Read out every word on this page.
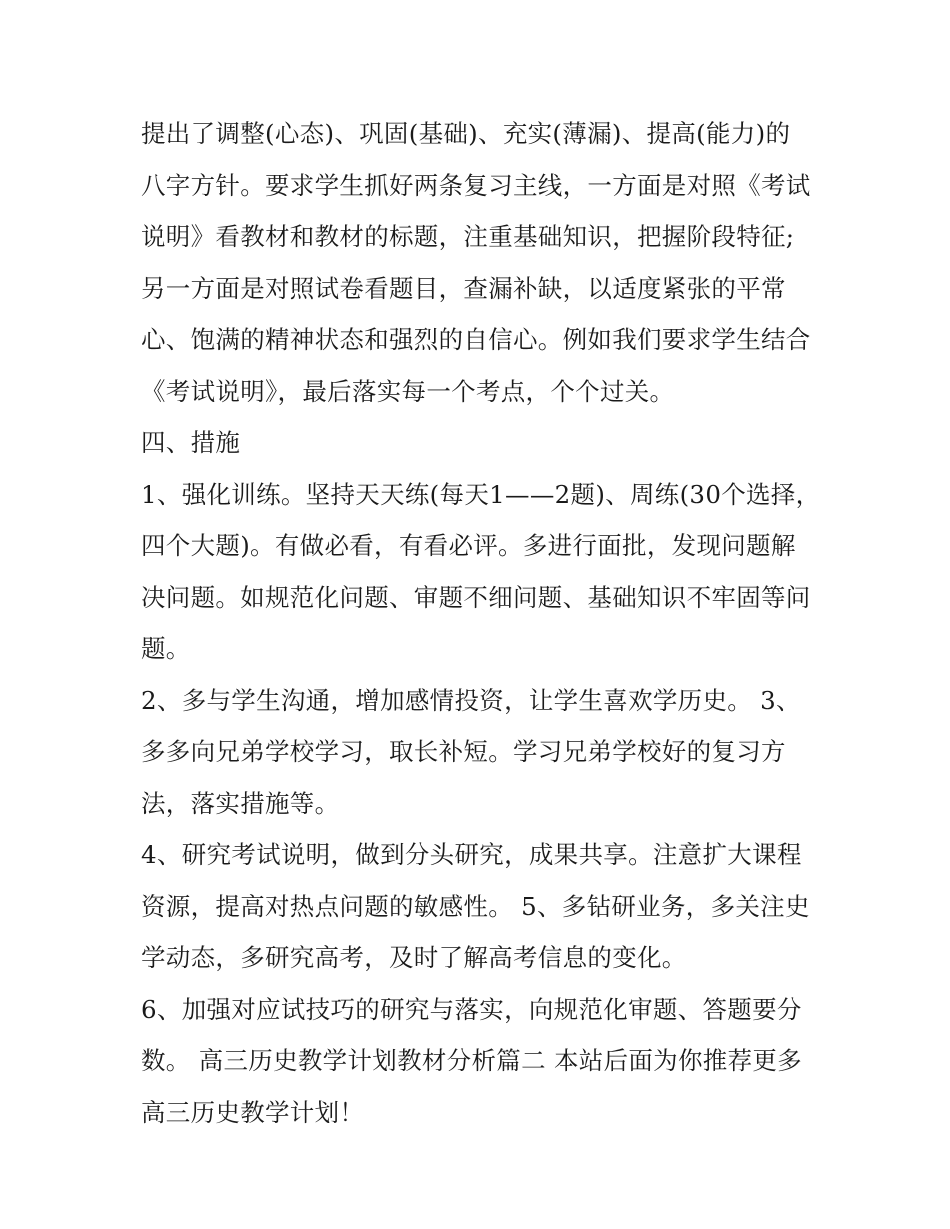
提出了调整(心态)、巩固(基础)、充实(薄漏)、提高(能力)的
八字方针。要求学生抓好两条复习主线，一方面是对照《考试
说明》看教材和教材的标题，注重基础知识，把握阶段特征;
另一方面是对照试卷看题目，查漏补缺，以适度紧张的平常
心、饱满的精神状态和强烈的自信心。例如我们要求学生结合
《考试说明》，最后落实每一个考点，个个过关。
四、措施
1、强化训练。坚持天天练(每天1——2题)、周练(30个选择，
四个大题)。有做必看，有看必评。多进行面批，发现问题解
决问题。如规范化问题、审题不细问题、基础知识不牢固等问
题。
2、多与学生沟通，增加感情投资，让学生喜欢学历史。 3、
多多向兄弟学校学习，取长补短。学习兄弟学校好的复习方
法，落实措施等。
4、研究考试说明，做到分头研究，成果共享。注意扩大课程
资源，提高对热点问题的敏感性。 5、多钻研业务，多关注史
学动态，多研究高考，及时了解高考信息的变化。
6、加强对应试技巧的研究与落实，向规范化审题、答题要分
数。 高三历史教学计划教材分析篇二 本站后面为你推荐更多
高三历史教学计划！
